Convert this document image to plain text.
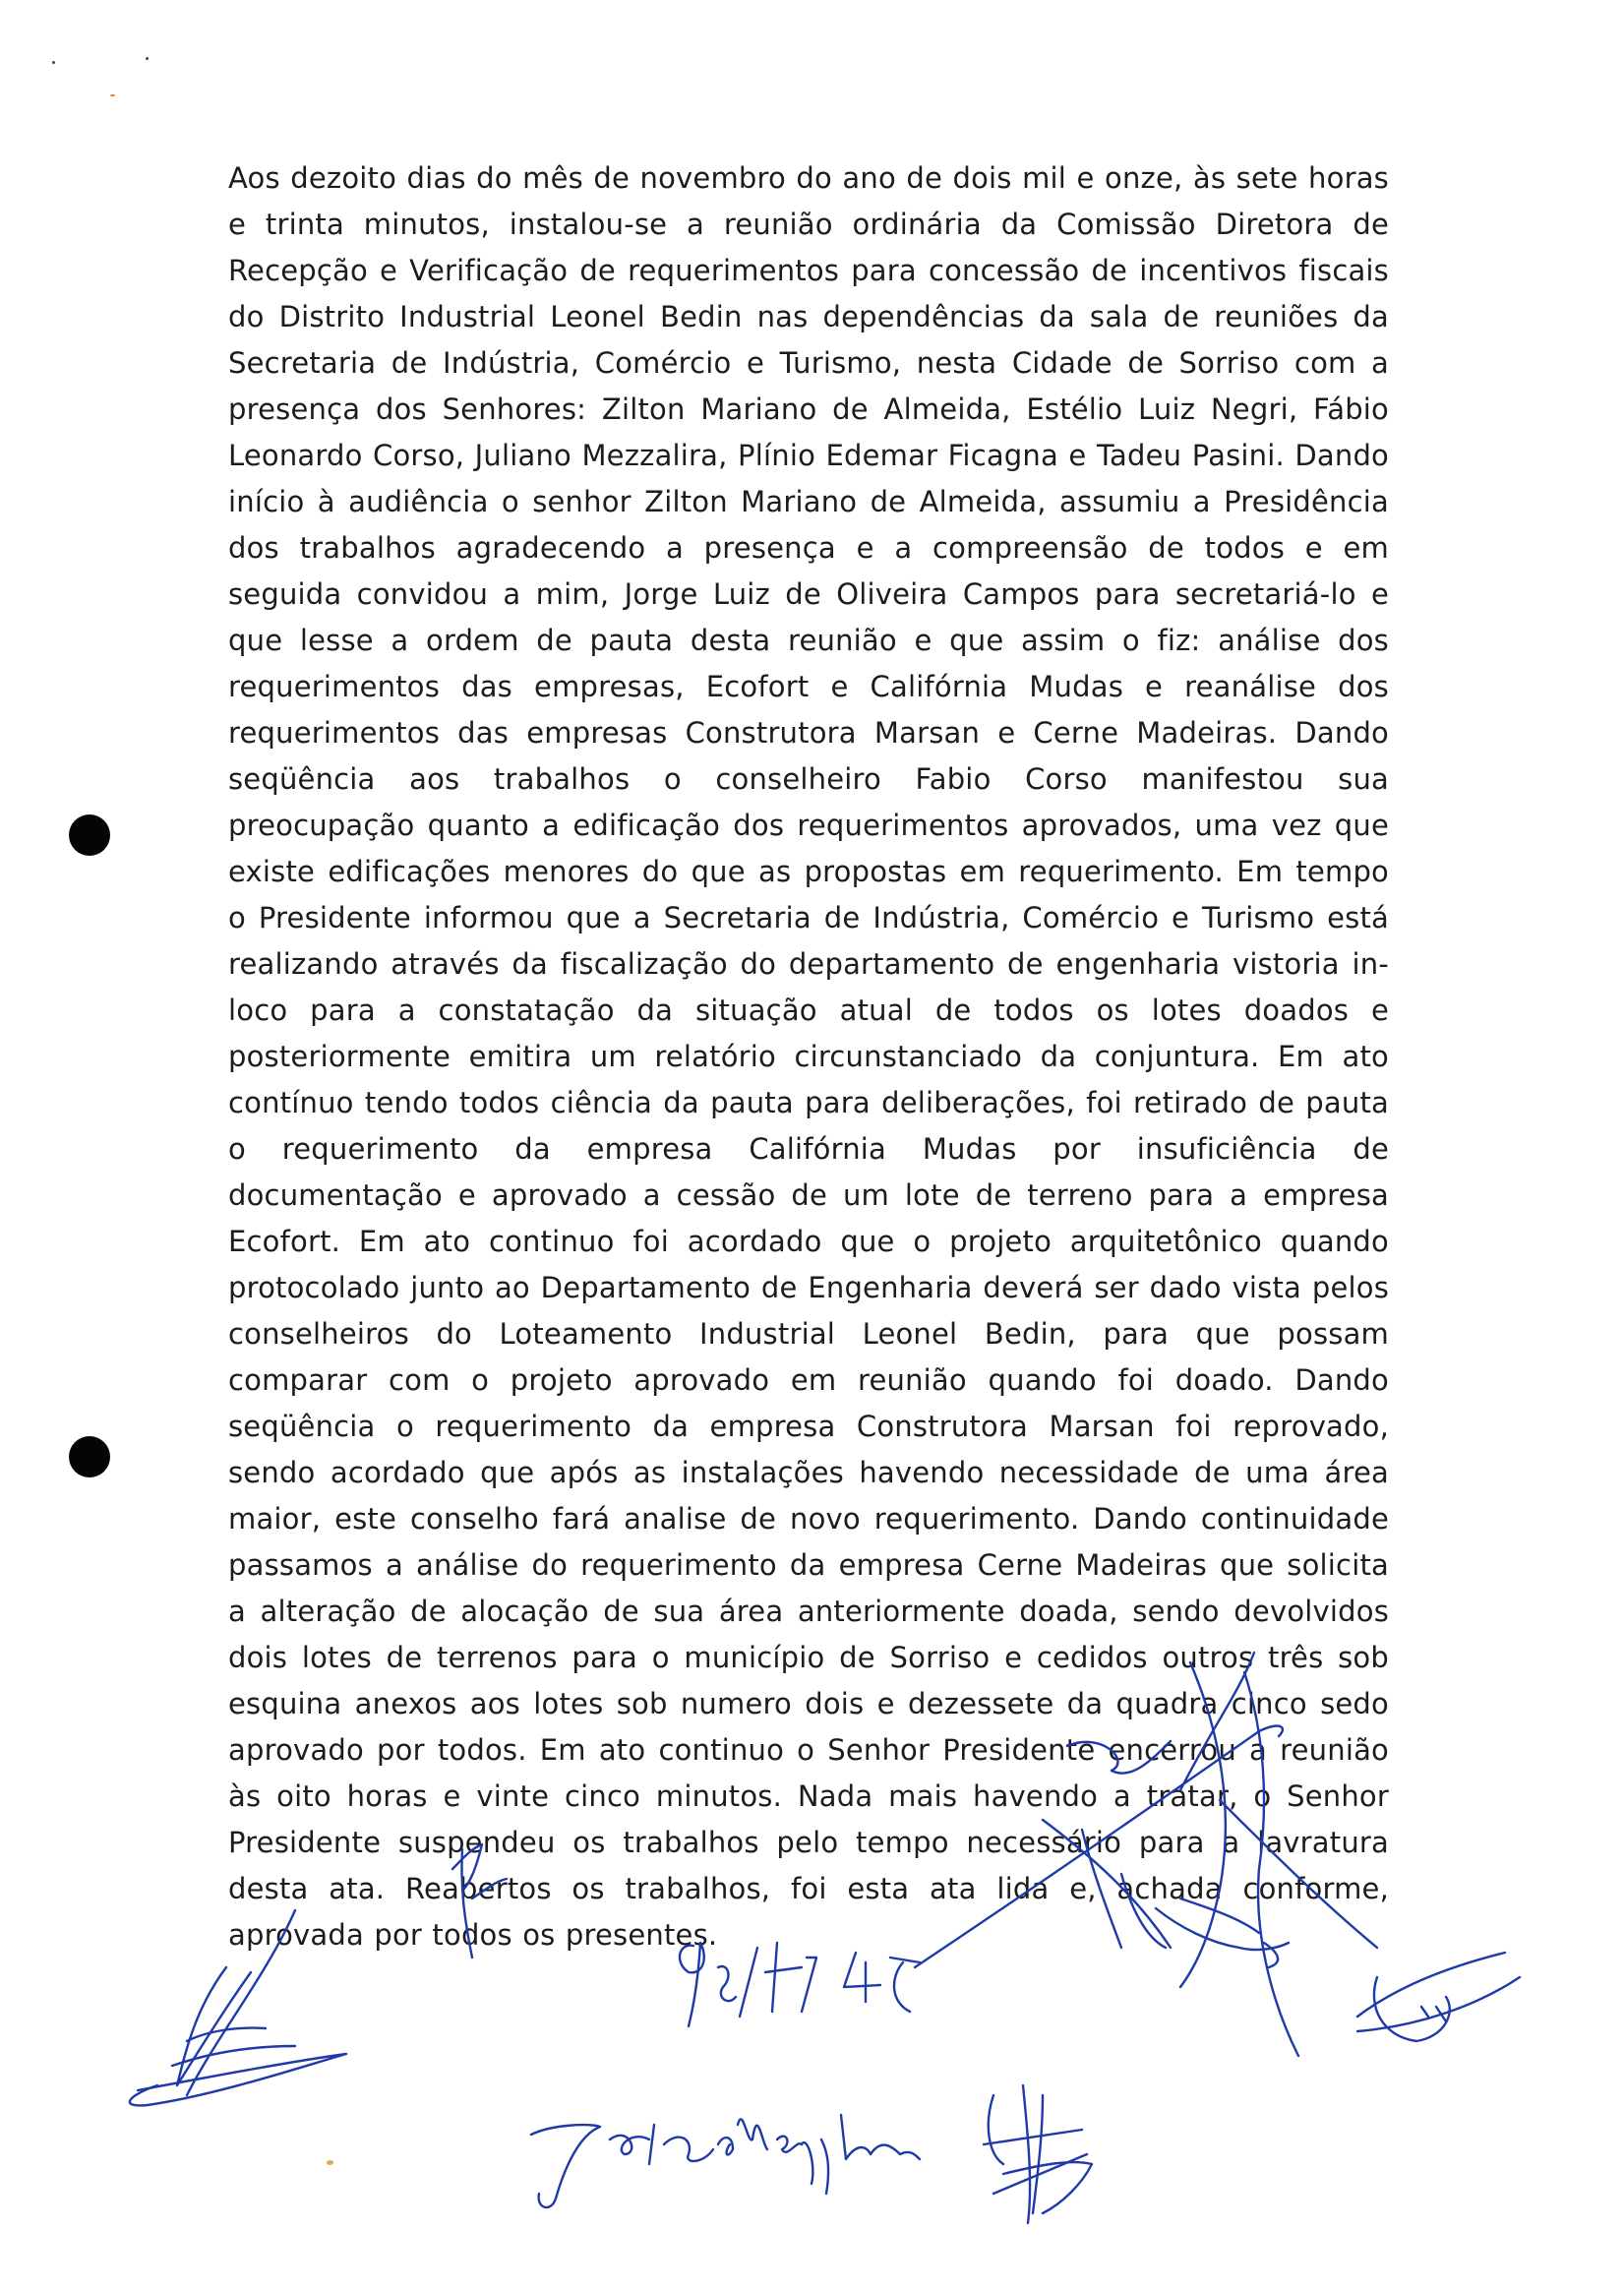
Aos dezoito dias do mês de novembro do ano de dois mil e onze, às sete horas e trinta minutos, instalou-se a reunião ordinária da Comissão Diretora de Recepção e Verificação de requerimentos para concessão de incentivos fiscais do Distrito Industrial Leonel Bedin nas dependências da sala de reuniões da Secretaria de Indústria, Comércio e Turismo, nesta Cidade de Sorriso com a presença dos Senhores: Zilton Mariano de Almeida, Estélio Luiz Negri, Fábio Leonardo Corso, Juliano Mezzalira, Plínio Edemar Ficagna e Tadeu Pasini. Dando início à audiência o senhor Zilton Mariano de Almeida, assumiu a Presidência dos trabalhos agradecendo a presença e a compreensão de todos e em seguida convidou a mim, Jorge Luiz de Oliveira Campos para secretariá-lo e que lesse a ordem de pauta desta reunião e que assim o fiz: análise dos requerimentos das empresas, Ecofort e Califórnia Mudas e reanálise dos requerimentos das empresas Construtora Marsan e Cerne Madeiras. Dando seqüência aos trabalhos o conselheiro Fabio Corso manifestou sua preocupação quanto a edificação dos requerimentos aprovados, uma vez que existe edificações menores do que as propostas em requerimento. Em tempo o Presidente informou que a Secretaria de Indústria, Comércio e Turismo está realizando através da fiscalização do departamento de engenharia vistoria in-loco para a constatação da situação atual de todos os lotes doados e posteriormente emitira um relatório circunstanciado da conjuntura. Em ato contínuo tendo todos ciência da pauta para deliberações, foi retirado de pauta o requerimento da empresa Califórnia Mudas por insuficiência de documentação e aprovado a cessão de um lote de terreno para a empresa Ecofort. Em ato continuo foi acordado que o projeto arquitetônico quando protocolado junto ao Departamento de Engenharia deverá ser dado vista pelos conselheiros do Loteamento Industrial Leonel Bedin, para que possam comparar com o projeto aprovado em reunião quando foi doado. Dando seqüência o requerimento da empresa Construtora Marsan foi reprovado, sendo acordado que após as instalações havendo necessidade de uma área maior, este conselho fará analise de novo requerimento. Dando continuidade passamos a análise do requerimento da empresa Cerne Madeiras que solicita a alteração de alocação de sua área anteriormente doada, sendo devolvidos dois lotes de terrenos para o município de Sorriso e cedidos outros três sob esquina anexos aos lotes sob numero dois e dezessete da quadra cinco sedo aprovado por todos. Em ato continuo o Senhor Presidente encerrou a reunião às oito horas e vinte cinco minutos. Nada mais havendo a tratar, o Senhor Presidente suspendeu os trabalhos pelo tempo necessário para a lavratura desta ata. Reabertos os trabalhos, foi esta ata lida e, achada conforme, aprovada por todos os presentes.
